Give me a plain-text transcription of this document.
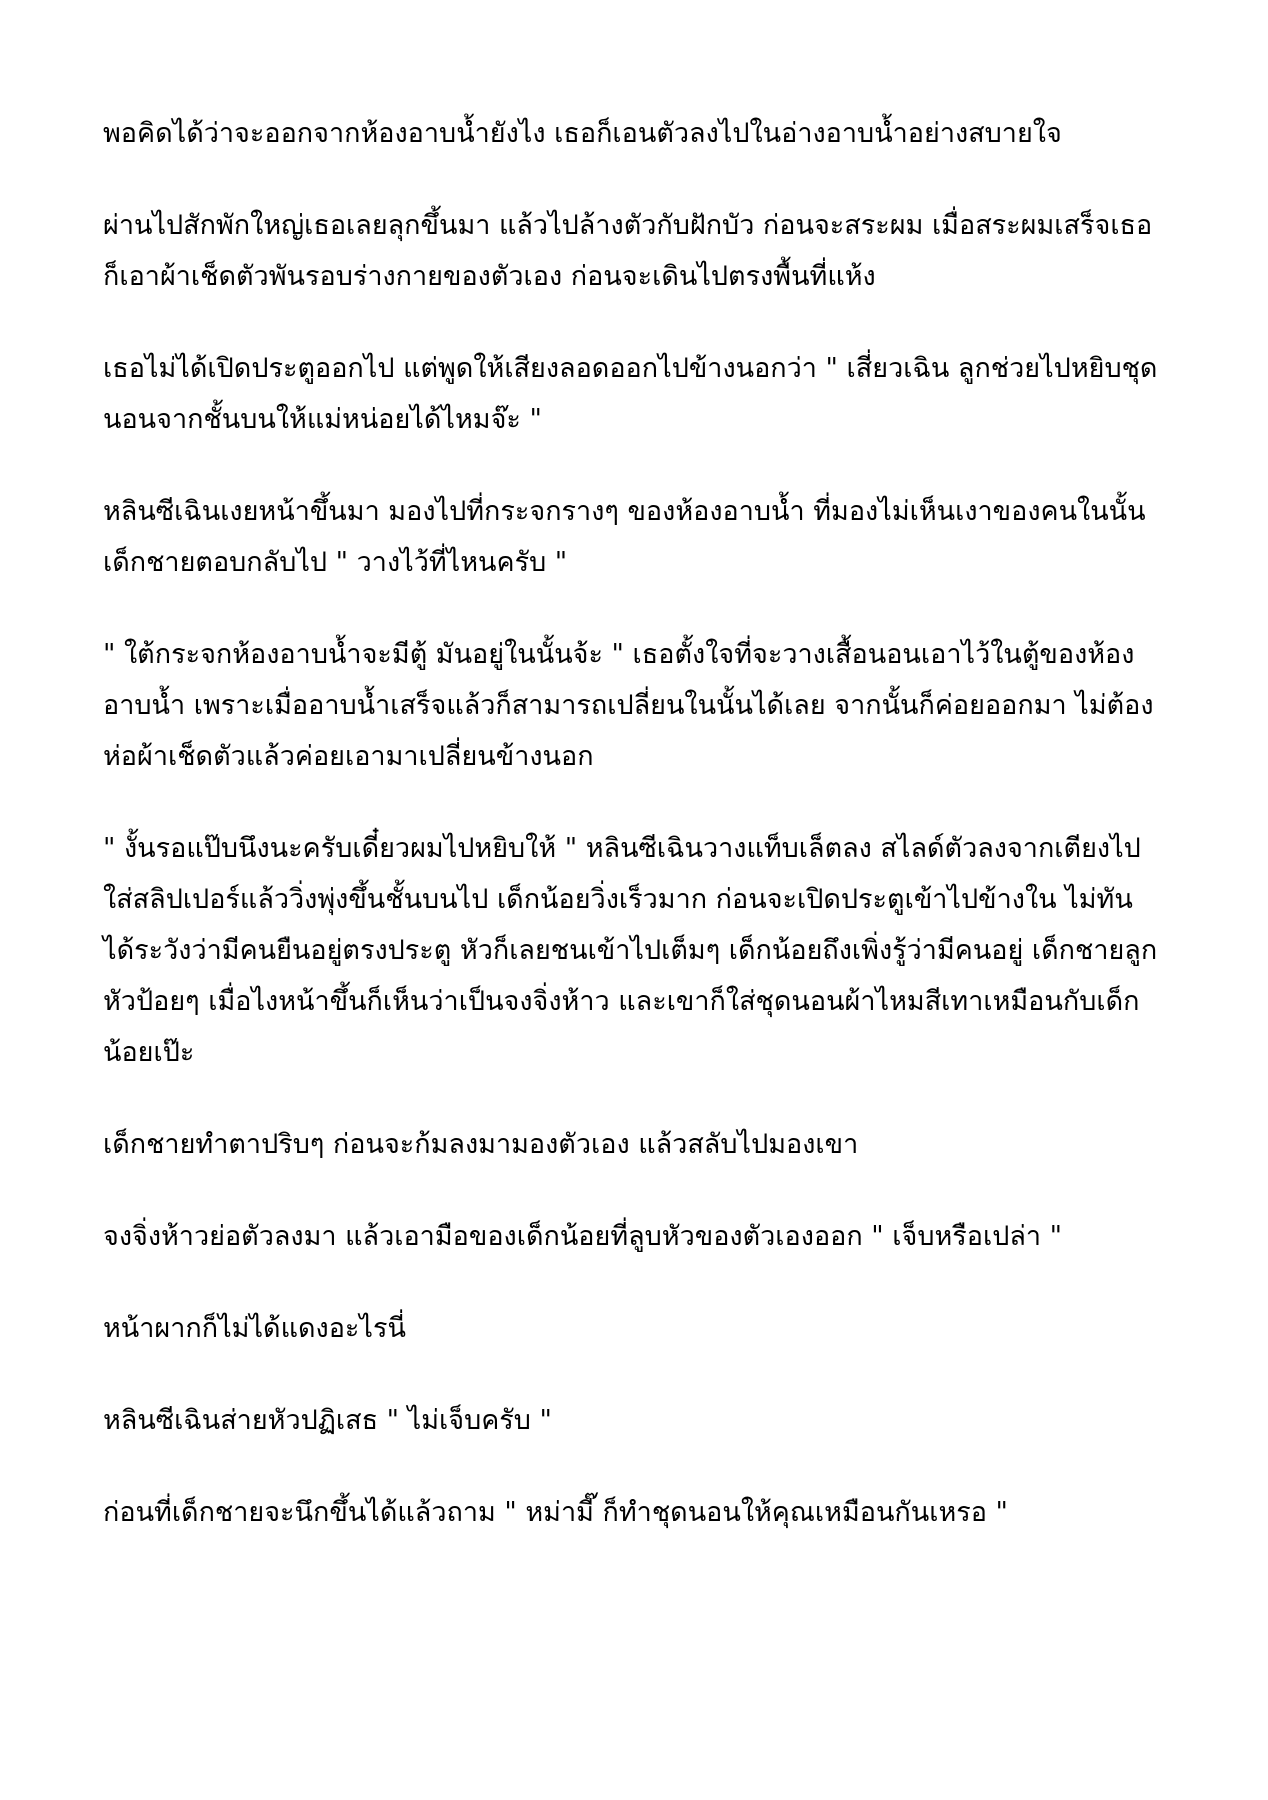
พอคิดได้ว่าจะออกจากห้องอาบน้ำยังไง เธอก็เอนตัวลงไปในอ่างอาบน้ำอย่างสบายใจ

ผ่านไปสักพักใหญ่เธอเลยลุกขึ้นมา แล้วไปล้างตัวกับฝักบัว ก่อนจะสระผม เมื่อสระผมเสร็จเธอ
ก็เอาผ้าเช็ดตัวพันรอบร่างกายของตัวเอง ก่อนจะเดินไปตรงพื้นที่แห้ง

เธอไม่ได้เปิดประตูออกไป แต่พูดให้เสียงลอดออกไปข้างนอกว่า " เสี่ยวเฉิน ลูกช่วยไปหยิบชุด
นอนจากชั้นบนให้แม่หน่อยได้ไหมจ๊ะ "

หลินซีเฉินเงยหน้าขึ้นมา มองไปที่กระจกรางๆ ของห้องอาบน้ำ ที่มองไม่เห็นเงาของคนในนั้น
เด็กชายตอบกลับไป " วางไว้ที่ไหนครับ "

" ใต้กระจกห้องอาบน้ำจะมีตู้ มันอยู่ในนั้นจ้ะ " เธอตั้งใจที่จะวางเสื้อนอนเอาไว้ในตู้ของห้อง
อาบน้ำ เพราะเมื่ออาบน้ำเสร็จแล้วก็สามารถเปลี่ยนในนั้นได้เลย จากนั้นก็ค่อยออกมา ไม่ต้อง
ห่อผ้าเช็ดตัวแล้วค่อยเอามาเปลี่ยนข้างนอก

" งั้นรอแป๊บนึงนะครับเดี๋ยวผมไปหยิบให้ " หลินซีเฉินวางแท็บเล็ตลง สไลด์ตัวลงจากเตียงไป
ใส่สลิปเปอร์แล้ววิ่งพุ่งขึ้นชั้นบนไป เด็กน้อยวิ่งเร็วมาก ก่อนจะเปิดประตูเข้าไปข้างใน ไม่ทัน
ได้ระวังว่ามีคนยืนอยู่ตรงประตู หัวก็เลยชนเข้าไปเต็มๆ เด็กน้อยถึงเพิ่งรู้ว่ามีคนอยู่ เด็กชายลูก
หัวป้อยๆ เมื่อไงหน้าขึ้นก็เห็นว่าเป็นจงจิ่งห้าว และเขาก็ใส่ชุดนอนผ้าไหมสีเทาเหมือนกับเด็ก
น้อยเป๊ะ

เด็กชายทำตาปริบๆ ก่อนจะก้มลงมามองตัวเอง แล้วสลับไปมองเขา

จงจิ่งห้าวย่อตัวลงมา แล้วเอามือของเด็กน้อยที่ลูบหัวของตัวเองออก " เจ็บหรือเปล่า "

หน้าผากก็ไม่ได้แดงอะไรนี่

หลินซีเฉินส่ายหัวปฏิเสธ " ไม่เจ็บครับ "

ก่อนที่เด็กชายจะนึกขึ้นได้แล้วถาม " หม่ามี๊ ก็ทำชุดนอนให้คุณเหมือนกันเหรอ "
